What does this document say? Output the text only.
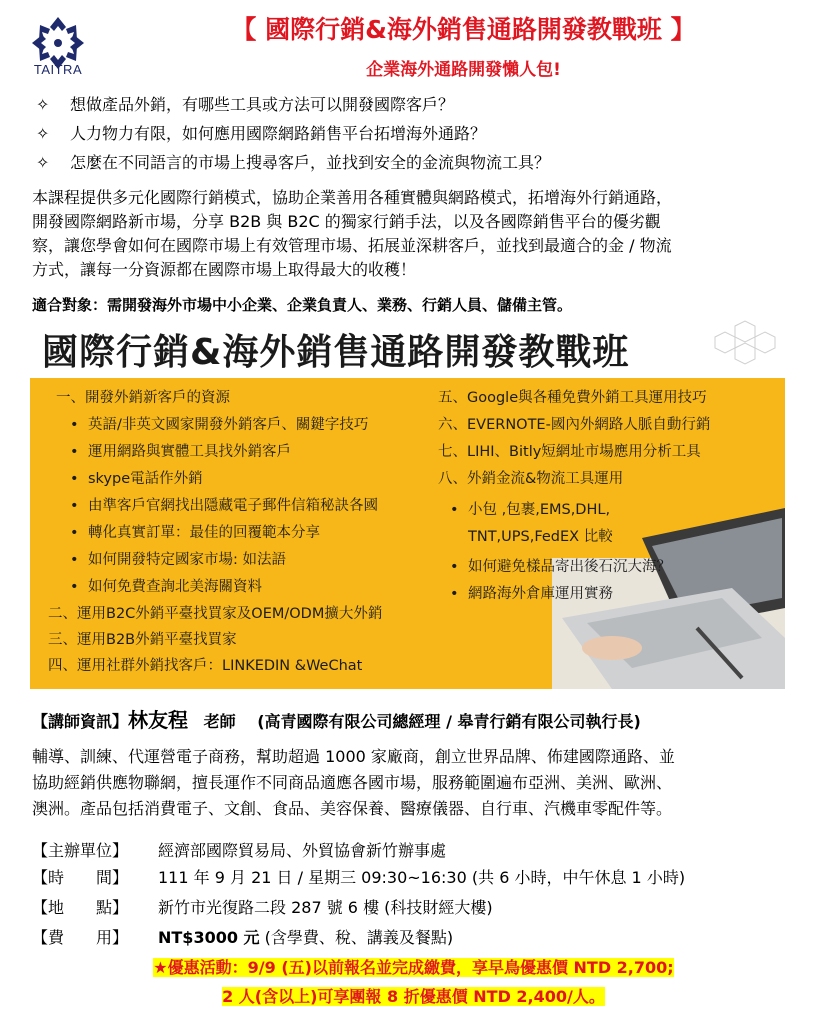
TAITRA
【 國際行銷&海外銷售通路開發教戰班 】
企業海外通路開發懶人包!
✧ 想做產品外銷，有哪些工具或方法可以開發國際客戶？
✧ 人力物力有限，如何應用國際網路銷售平台拓增海外通路？
✧ 怎麼在不同語言的市場上搜尋客戶，並找到安全的金流與物流工具？
本課程提供多元化國際行銷模式，協助企業善用各種實體與網路模式，拓增海外行銷通路，
開發國際網路新市場，分享 B2B 與 B2C 的獨家行銷手法，以及各國際銷售平台的優劣觀
察，讓您學會如何在國際市場上有效管理市場、拓展並深耕客戶，並找到最適合的金 / 物流
方式，讓每一分資源都在國際市場上取得最大的收穫！
適合對象：需開發海外市場中小企業、企業負責人、業務、行銷人員、儲備主管。
國際行銷&海外銷售通路開發教戰班
一、開發外銷新客戶的資源
• 英語/非英文國家開發外銷客戶、關鍵字技巧
• 運用網路與實體工具找外銷客戶
• skype電話作外銷
• 由準客戶官網找出隱藏電子郵件信箱秘訣各國
• 轉化真實訂單：最佳的回覆範本分享
• 如何開發特定國家市場: 如法語
• 如何免費查詢北美海關資料
二、運用B2C外銷平臺找買家及OEM/ODM擴大外銷
三、運用B2B外銷平臺找買家
四、運用社群外銷找客戶：LINKEDIN &WeChat
五、Google與各種免費外銷工具運用技巧
六、EVERNOTE-國內外網路人脈自動行銷
七、LIHI、Bitly短網址市場應用分析工具
八、外銷金流&物流工具運用
• 小包 ,包裹,EMS,DHL,
TNT,UPS,FedEX 比較
• 如何避免樣品寄出後石沉大海？
• 網路海外倉庫運用實務
【講師資訊】林友程 老師 (高青國際有限公司總經理 / 皋青行銷有限公司執行長)
輔導、訓練、代運營電子商務，幫助超過 1000 家廠商，創立世界品牌、佈建國際通路、並
協助經銷供應物聯網，擅長運作不同商品適應各國市場，服務範圍遍布亞洲、美洲、歐洲、
澳洲。產品包括消費電子、文創、食品、美容保養、醫療儀器、自行車、汽機車零配件等。
【主辦單位】 經濟部國際貿易局、外貿協會新竹辦事處
【時　　間】 111 年 9 月 21 日 / 星期三 09:30~16:30 (共 6 小時，中午休息 1 小時)
【地　　點】 新竹市光復路二段 287 號 6 樓 (科技財經大樓)
【費　　用】 NT$3000 元 (含學費、稅、講義及餐點)
★優惠活動：9/9 (五)以前報名並完成繳費，享早鳥優惠價 NTD 2,700;
2 人(含以上)可享團報 8 折優惠價 NTD 2,400/人。
